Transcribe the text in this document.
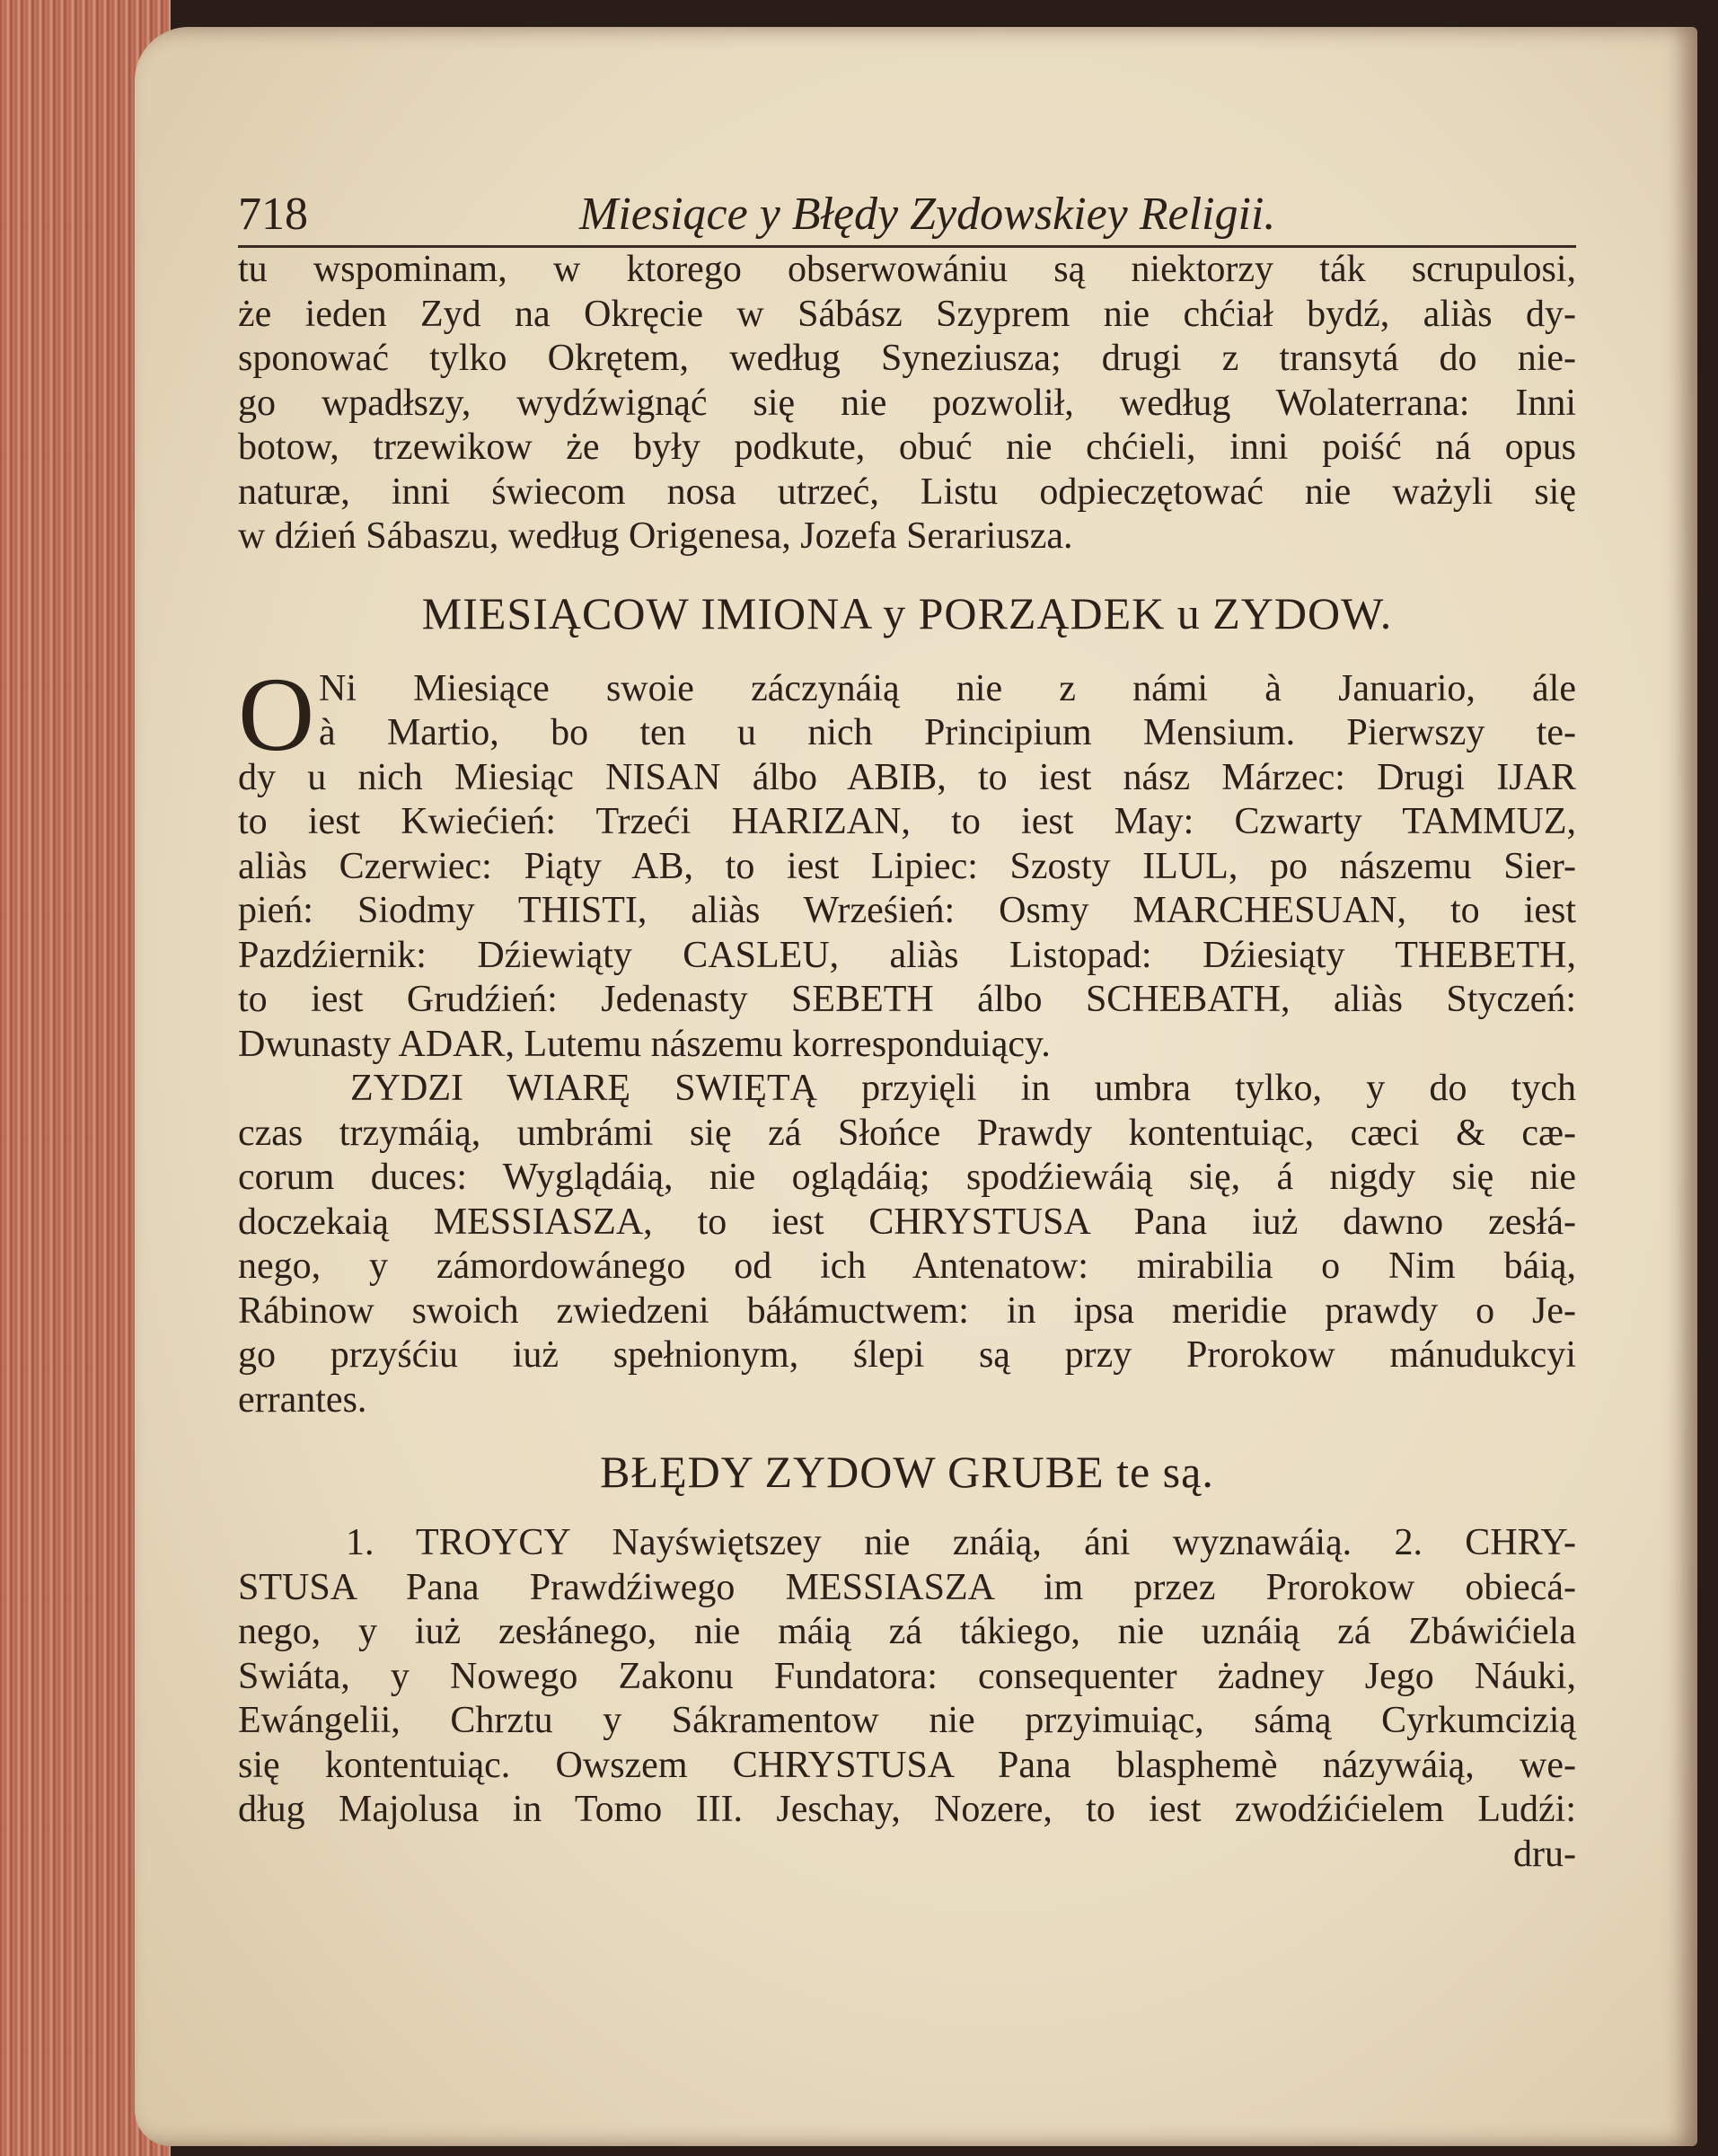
718	Miesiące y Błędy Zydowskiey Religii.
tu wspominam, w ktorego obserwowániu są niektorzy ták scrupulosi,
że ieden Zyd na Okręcie w Sábász Szyprem nie chćiał bydź, aliàs dy-
sponować tylko Okrętem, według Syneziusza; drugi z transytá do nie-
go wpadłszy, wydźwignąć się nie pozwolił, według Wolaterrana: Inni
botow, trzewikow że były podkute, obuć nie chćieli, inni poiść ná opus
naturæ, inni świecom nosa utrzeć, Listu odpieczętować nie ważyli się
w dźień Sábaszu, według Origenesa, Jozefa Serariusza.
MIESIĄCOW IMIONA y PORZĄDEK u ZYDOW.
O Ni Miesiące swoie záczynáią nie z námi à Januario, ále
à Martio, bo ten u nich Principium Mensium. Pierwszy te-
dy u nich Miesiąc NISAN álbo ABIB, to iest nász Márzec: Drugi IJAR
to iest Kwiećień: Trzeći HARIZAN, to iest May: Czwarty TAMMUZ,
aliàs Czerwiec: Piąty AB, to iest Lipiec: Szosty ILUL, po nászemu Sier-
pień: Siodmy THISTI, aliàs Wrześień: Osmy MARCHESUAN, to iest
Pazdźiernik: Dźiewiąty CASLEU, aliàs Listopad: Dźiesiąty THEBETH,
to iest Grudźień: Jedenasty SEBETH álbo SCHEBATH, aliàs Styczeń:
Dwunasty ADAR, Lutemu nászemu korresponduiący.
ZYDZI WIARĘ SWIĘTĄ przyięli in umbra tylko, y do tych
czas trzymáią, umbrámi się zá Słońce Prawdy kontentuiąc, cæci & cæ-
corum duces: Wyglądáią, nie oglądáią; spodźiewáią się, á nigdy się nie
doczekaią MESSIASZA, to iest CHRYSTUSA Pana iuż dawno zesłá-
nego, y zámordowánego od ich Antenatow: mirabilia o Nim báią,
Rábinow swoich zwiedzeni báłámuctwem: in ipsa meridie prawdy o Je-
go przyśćiu iuż spełnionym, ślepi są przy Prorokow mánudukcyi
errantes.
BŁĘDY ZYDOW GRUBE te są.
1. TROYCY Nayświętszey nie znáią, áni wyznawáią. 2. CHRY-
STUSA Pana Prawdźiwego MESSIASZA im przez Prorokow obiecá-
nego, y iuż zesłánego, nie máią zá tákiego, nie uznáią zá Zbáwićiela
Swiáta, y Nowego Zakonu Fundatora: consequenter żadney Jego Náuki,
Ewángelii, Chrztu y Sákramentow nie przyimuiąc, sámą Cyrkumcizią
się kontentuiąc. Owszem CHRYSTUSA Pana blasphemè názywáią, we-
dług Majolusa in Tomo III. Jeschay, Nozere, to iest zwodźićielem Ludźi:
dru-
